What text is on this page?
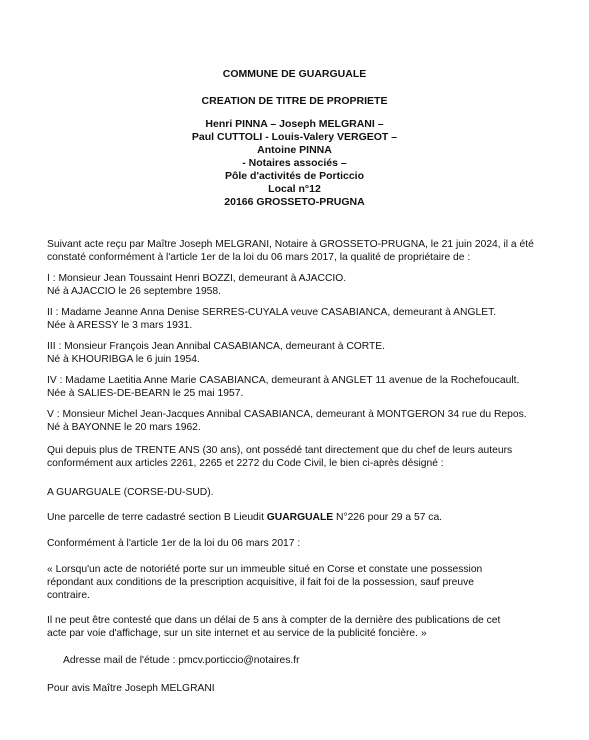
COMMUNE DE GUARGUALE
CREATION DE TITRE DE PROPRIETE
Henri PINNA – Joseph MELGRANI –
Paul CUTTOLI - Louis-Valery VERGEOT –
Antoine PINNA
- Notaires associés –
Pôle d'activités de Porticcio
Local n°12
20166 GROSSETO-PRUGNA
Suivant acte reçu par Maître Joseph MELGRANI, Notaire à GROSSETO-PRUGNA, le 21 juin 2024, il a été
constaté conformément à l'article 1er de la loi du 06 mars 2017, la qualité de propriétaire de :
I : Monsieur Jean Toussaint Henri BOZZI, demeurant à AJACCIO.
Né à AJACCIO le 26 septembre 1958.
II : Madame Jeanne Anna Denise SERRES-CUYALA veuve CASABIANCA, demeurant à ANGLET.
Née à ARESSY le 3 mars 1931.
III : Monsieur François Jean Annibal CASABIANCA, demeurant à CORTE.
Né à KHOURIBGA le 6 juin 1954.
IV : Madame Laetitia Anne Marie CASABIANCA, demeurant à ANGLET 11 avenue de la Rochefoucault.
Née à SALIES-DE-BEARN le 25 mai 1957.
V : Monsieur Michel Jean-Jacques Annibal CASABIANCA, demeurant à MONTGERON 34 rue du Repos.
Né à BAYONNE le 20 mars 1962.
Qui depuis plus de TRENTE ANS (30 ans), ont possédé tant directement que du chef de leurs auteurs
conformément aux articles 2261, 2265 et 2272 du Code Civil, le bien ci-après désigné :
A GUARGUALE (CORSE-DU-SUD).
Une parcelle de terre cadastré section B Lieudit GUARGUALE N°226 pour 29 a 57 ca.
Conformément à l'article 1er de la loi du 06 mars 2017 :
« Lorsqu'un acte de notoriété porte sur un immeuble situé en Corse et constate une possession
répondant aux conditions de la prescription acquisitive, il fait foi de la possession, sauf preuve
contraire.
Il ne peut être contesté que dans un délai de 5 ans à compter de la dernière des publications de cet
acte par voie d'affichage, sur un site internet et au service de la publicité foncière. »
Adresse mail de l'étude : pmcv.porticcio@notaires.fr
Pour avis Maître Joseph MELGRANI
